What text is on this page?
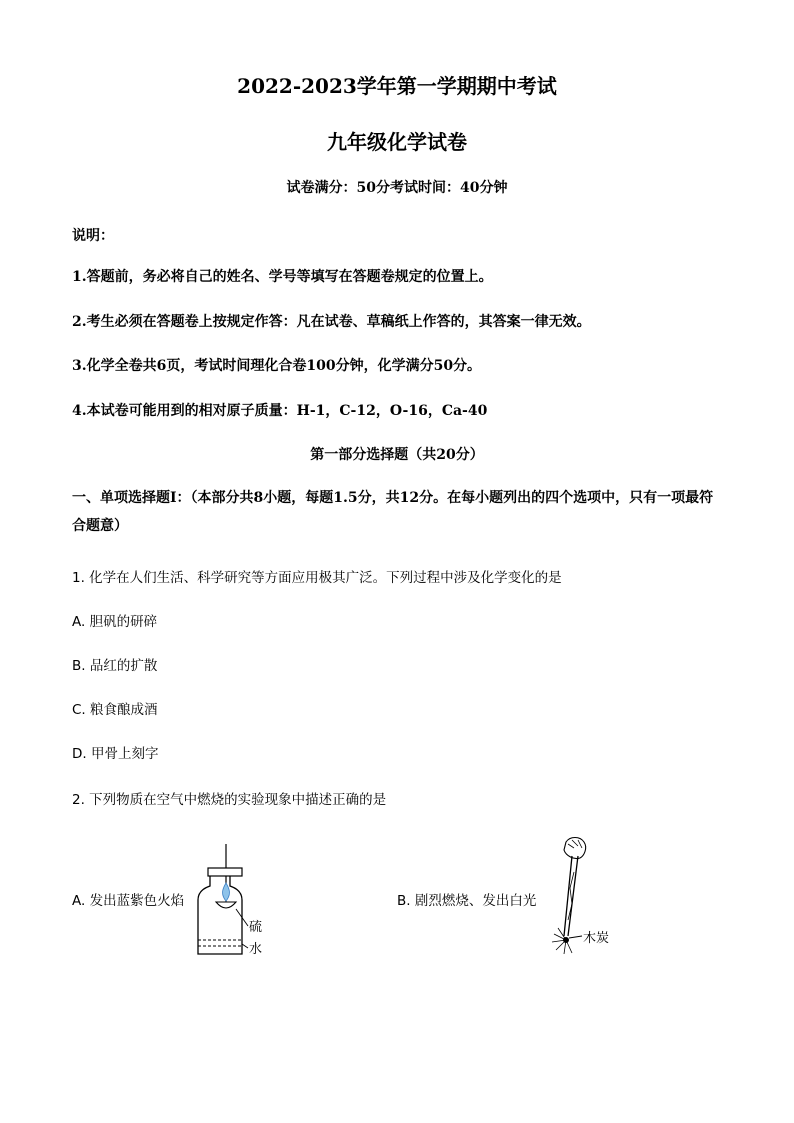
2022-2023学年第一学期期中考试
九年级化学试卷
试卷满分：50分考试时间：40分钟
说明：
1.答题前，务必将自己的姓名、学号等填写在答题卷规定的位置上。
2.考生必须在答题卷上按规定作答：凡在试卷、草稿纸上作答的，其答案一律无效。
3.化学全卷共6页，考试时间理化合卷100分钟，化学满分50分。
4.本试卷可能用到的相对原子质量：H-1，C-12，O-16，Ca-40
第一部分选择题（共20分）
一、单项选择题Ⅰ：（本部分共8小题，每题1.5分，共12分。在每小题列出的四个选项中，只有一项最符合题意）
1. 化学在人们生活、科学研究等方面应用极其广泛。下列过程中涉及化学变化的是
A. 胆矾的研碎
B. 品红的扩散
C. 粮食酿成酒
D. 甲骨上刻字
2. 下列物质在空气中燃烧的实验现象中描述正确的是
A. 发出蓝紫色火焰	B. 剧烈燃烧、发出白光
硫
水
木炭
